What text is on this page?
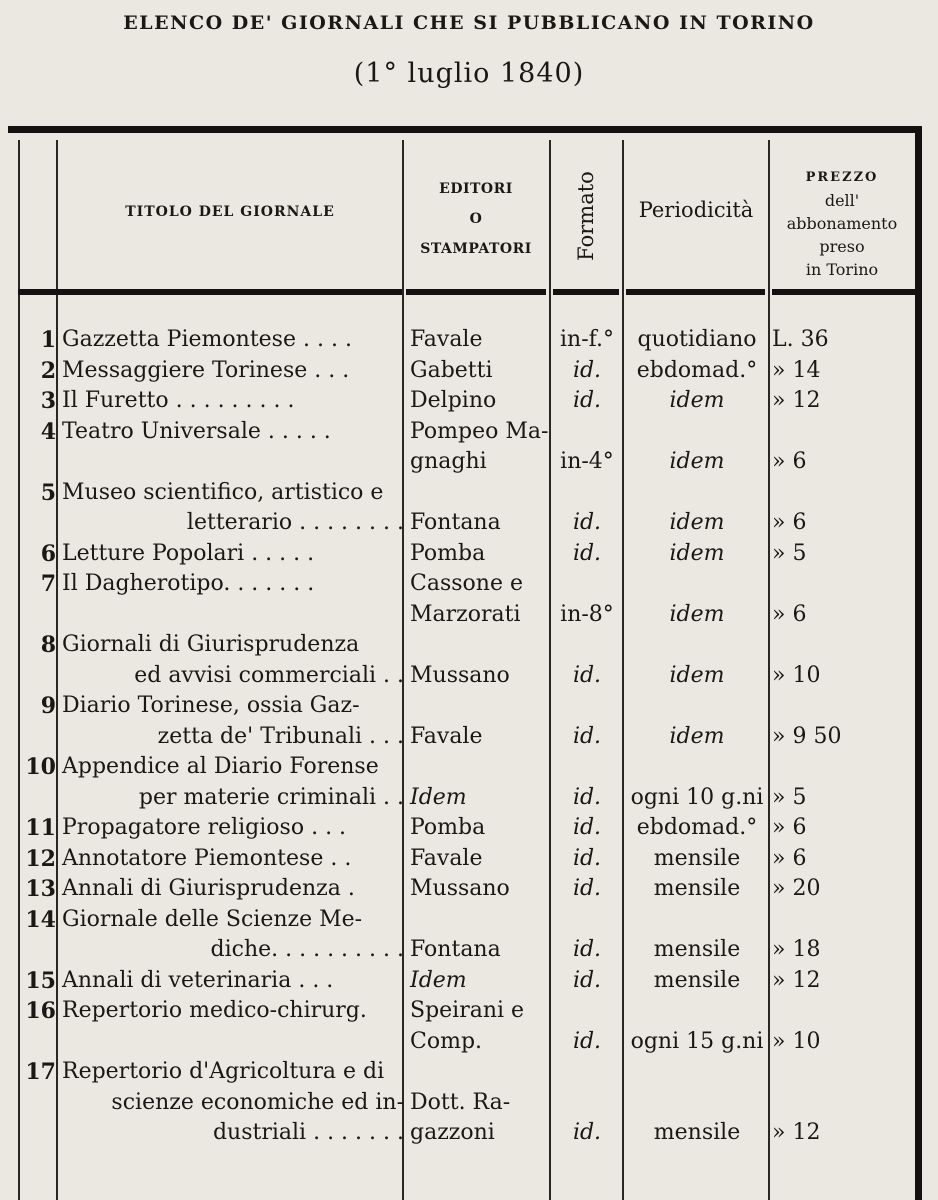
ELENCO DE' GIORNALI CHE SI PUBBLICANO IN TORINO
(1° luglio 1840)
TITOLO DEL GIORNALE
EDITORI
O
STAMPATORI	Formato	Periodicità
PREZZO
dell'
abbonamento
preso
in Torino
1 Gazzetta Piemontese . . . .	Favale	in-f.°	quotidiano L. 36
2 Messaggiere Torinese . . .	Gabetti	id.	ebdomad.° » 14
3 Il Furetto . . . . . . . . .	Delpino	id.	idem	» 12
4 Teatro Universale . . . . .	Pompeo Ma-
gnaghi	in-4°	idem	» 6
5 Museo scientifico, artistico e
letterario . . . . . . . . Fontana	id.	idem	» 6
6 Letture Popolari . . . . .	Pomba	id.	idem	» 5
7 Il Dagherotipo. . . . . . .	Cassone e
Marzorati	in-8°	idem	» 6
8 Giornali di Giurisprudenza
ed avvisi commerciali . . Mussano	id.	idem	» 10
9 Diario Torinese, ossia Gaz-
zetta de' Tribunali . . . Favale	id.	idem	» 9 50
10 Appendice al Diario Forense
per materie criminali . . Idem	id.	ogni 10 g.ni » 5
11 Propagatore religioso . . .	Pomba	id.	ebdomad.° » 6
12 Annotatore Piemontese . .	Favale	id.	mensile	» 6
13 Annali di Giurisprudenza .	Mussano	id.	mensile	» 20
14 Giornale delle Scienze Me-
diche. . . . . . . . . . Fontana	id.	mensile	» 18
15 Annali di veterinaria . . .	Idem	id.	mensile	» 12
16 Repertorio medico-chirurg.	Speirani e
Comp.	id.	ogni 15 g.ni » 10
17 Repertorio d'Agricoltura e di
scienze economiche ed in-
dustriali . . . . . . .
Dott. Ra-
gazzoni	id.	mensile	» 12
